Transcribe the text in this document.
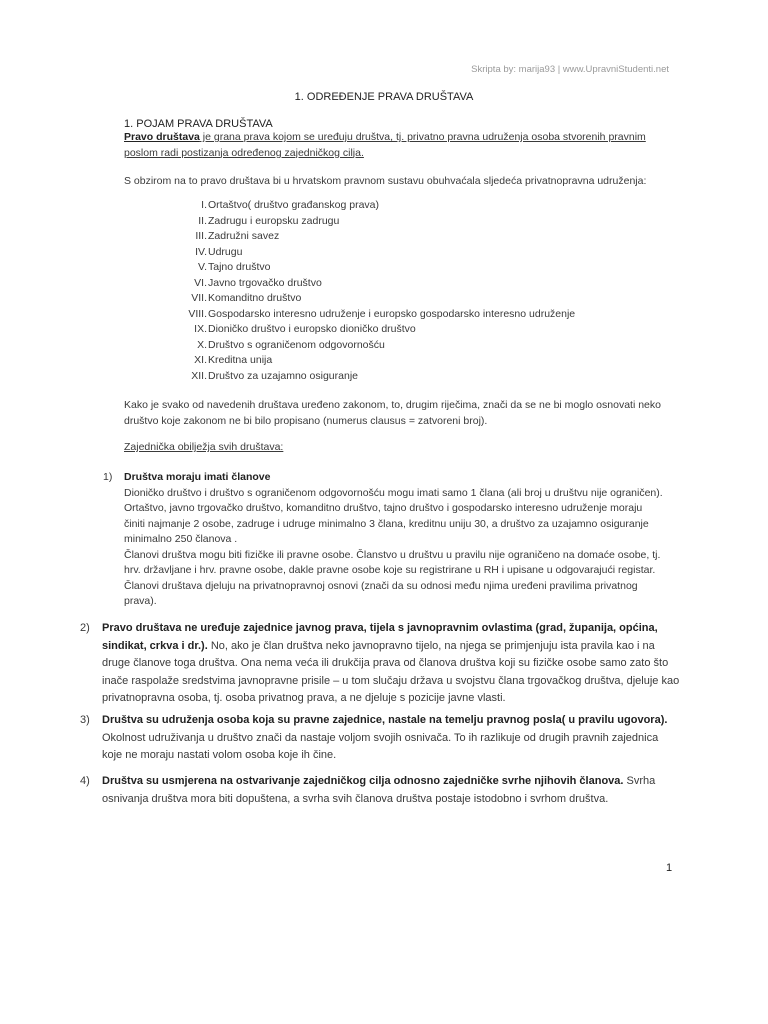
Skripta by: marija93 | www.UpravniStudenti.net
1. ODREĐENJE PRAVA DRUŠTAVA
1. POJAM PRAVA DRUŠTAVA
Pravo društava je grana prava kojom se uređuju društva, tj. privatno pravna udruženja osoba stvorenih pravnim poslom radi postizanja određenog zajedničkog cilja.
S obzirom na to pravo društava bi u hrvatskom pravnom sustavu obuhvaćala sljedeća privatnopravna udruženja:
I. Ortaštvo( društvo građanskog prava)
II. Zadrugu i europsku zadrugu
III. Zadružni savez
IV. Udrugu
V. Tajno društvo
VI. Javno trgovačko društvo
VII. Komanditno društvo
VIII. Gospodarsko interesno udruženje i europsko gospodarsko interesno udruženje
IX. Dioničko društvo i europsko dioničko društvo
X. Društvo s ograničenom odgovornošću
XI. Kreditna unija
XII. Društvo za uzajamno osiguranje
Kako je svako od navedenih društava uređeno zakonom, to, drugim riječima, znači da se ne bi moglo osnovati neko društvo koje zakonom ne bi bilo propisano (numerus clausus = zatvoreni broj).
Zajednička obilježja svih društava:
1) Društva moraju imati članove
Dioničko društvo i društvo s ograničenom odgovornošću mogu imati samo 1 člana (ali broj u društvu nije ograničen). Ortaštvo, javno trgovačko društvo, komanditno društvo, tajno društvo i gospodarsko interesno udruženje moraju činiti najmanje 2 osobe, zadruge i udruge minimalno 3 člana, kreditnu uniju 30, a društvo za uzajamno osiguranje minimalno 250 članova .
Članovi društva mogu biti fizičke ili pravne osobe. Članstvo u društvu u pravilu nije ograničeno na domaće osobe, tj. hrv. državljane i hrv. pravne osobe, dakle pravne osobe koje su registrirane u RH i upisane u odgovarajući registar. Članovi društava djeluju na privatnopravnoj osnovi (znači da su odnosi među njima uređeni pravilima privatnog prava).
2) Pravo društava ne uređuje zajednice javnog prava, tijela s javnopravnim ovlastima (grad, županija, općina, sindikat, crkva i dr.). No, ako je član društva neko javnopravno tijelo, na njega se primjenjuju ista pravila kao i na druge članove toga društva. Ona nema veća ili drukčija prava od članova društva koji su fizičke osobe samo zato što inače raspolaže sredstvima javnopravne prisile – u tom slučaju država u svojstvu člana trgovačkog društva, djeluje kao privatnopravna osoba, tj. osoba privatnog prava, a ne djeluje s pozicije javne vlasti.
3) Društva su udruženja osoba koja su pravne zajednice, nastale na temelju pravnog posla( u pravilu ugovora).
Okolnost udruživanja u društvo znači da nastaje voljom svojih osnivača. To ih razlikuje od drugih pravnih zajednica koje ne moraju nastati volom osoba koje ih čine.
4) Društva su usmjerena na ostvarivanje zajedničkog cilja odnosno zajedničke svrhe njihovih članova. Svrha osnivanja društva mora biti dopuštena, a svrha svih članova društva postaje istodobno i svrhom društva.
1
